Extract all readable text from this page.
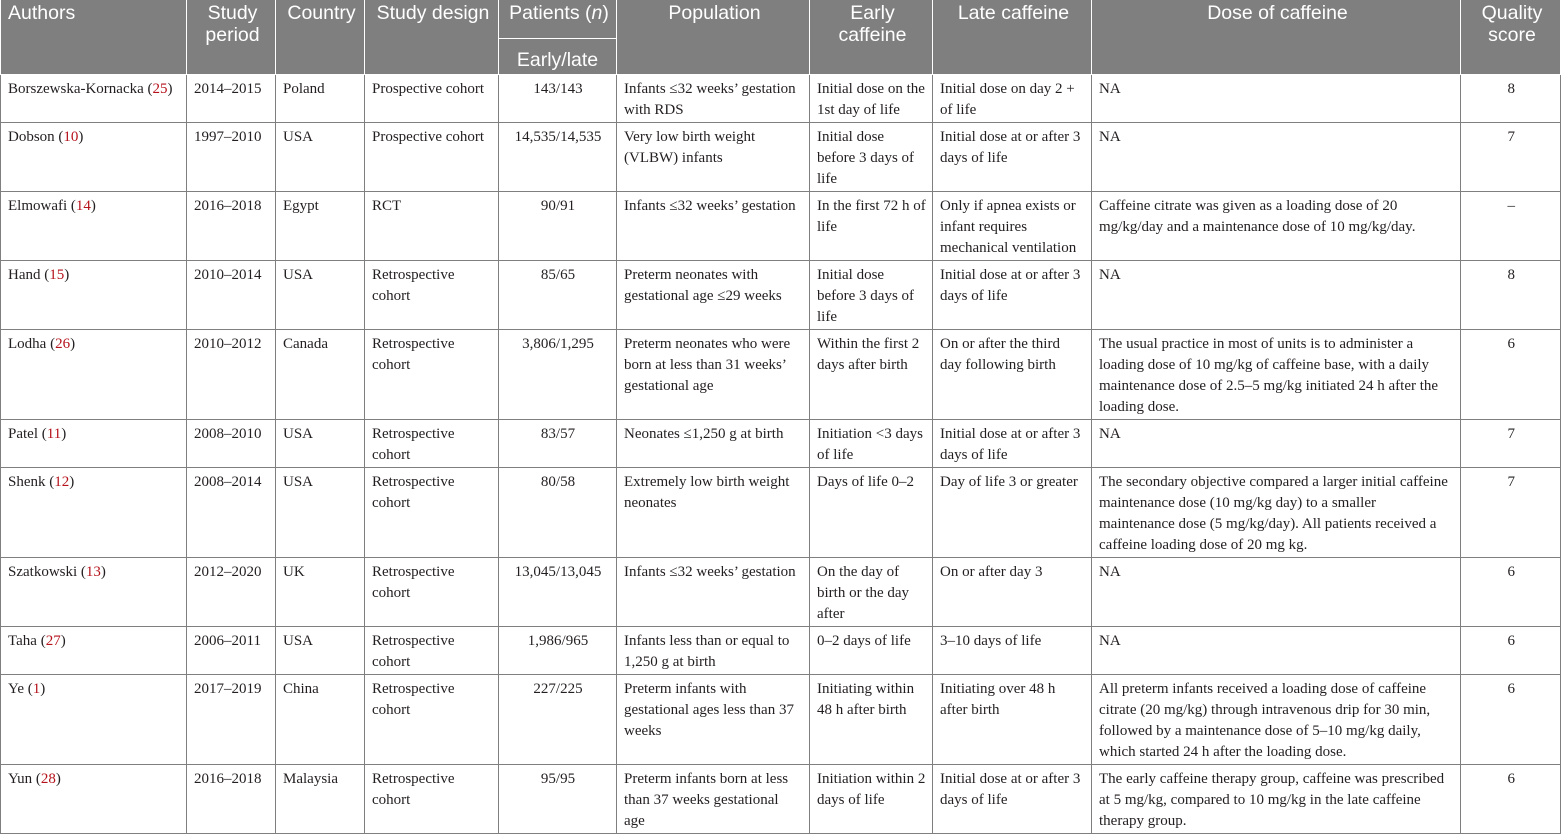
Authors	Study period	Country	Study design	Patients (n)	Population	Early caffeine	Late caffeine	Dose of caffeine	Quality score
				Early/late					
Borszewska-Kornacka (25)	2014–2015	Poland	Prospective cohort	143/143	Infants ≤32 weeks’ gestation with RDS	Initial dose on the 1st day of life	Initial dose on day 2 + of life	NA	8
Dobson (10)	1997–2010	USA	Prospective cohort	14,535/14,535	Very low birth weight (VLBW) infants	Initial dose before 3 days of life	Initial dose at or after 3 days of life	NA	7
Elmowafi (14)	2016–2018	Egypt	RCT	90/91	Infants ≤32 weeks’ gestation	In the first 72 h of life	Only if apnea exists or infant requires mechanical ventilation	Caffeine citrate was given as a loading dose of 20 mg/kg/day and a maintenance dose of 10 mg/kg/day.	–
Hand (15)	2010–2014	USA	Retrospective cohort	85/65	Preterm neonates with gestational age ≤29 weeks	Initial dose before 3 days of life	Initial dose at or after 3 days of life	NA	8
Lodha (26)	2010–2012	Canada	Retrospective cohort	3,806/1,295	Preterm neonates who were born at less than 31 weeks’ gestational age	Within the first 2 days after birth	On or after the third day following birth	The usual practice in most of units is to administer a loading dose of 10 mg/kg of caffeine base, with a daily maintenance dose of 2.5–5 mg/kg initiated 24 h after the loading dose.	6
Patel (11)	2008–2010	USA	Retrospective cohort	83/57	Neonates ≤1,250 g at birth	Initiation <3 days of life	Initial dose at or after 3 days of life	NA	7
Shenk (12)	2008–2014	USA	Retrospective cohort	80/58	Extremely low birth weight neonates	Days of life 0–2	Day of life 3 or greater	The secondary objective compared a larger initial caffeine maintenance dose (10 mg/kg day) to a smaller maintenance dose (5 mg/kg/day). All patients received a caffeine loading dose of 20 mg kg.	7
Szatkowski (13)	2012–2020	UK	Retrospective cohort	13,045/13,045	Infants ≤32 weeks’ gestation	On the day of birth or the day after	On or after day 3	NA	6
Taha (27)	2006–2011	USA	Retrospective cohort	1,986/965	Infants less than or equal to 1,250 g at birth	0–2 days of life	3–10 days of life	NA	6
Ye (1)	2017–2019	China	Retrospective cohort	227/225	Preterm infants with gestational ages less than 37 weeks	Initiating within 48 h after birth	Initiating over 48 h after birth	All preterm infants received a loading dose of caffeine citrate (20 mg/kg) through intravenous drip for 30 min, followed by a maintenance dose of 5–10 mg/kg daily, which started 24 h after the loading dose.	6
Yun (28)	2016–2018	Malaysia	Retrospective cohort	95/95	Preterm infants born at less than 37 weeks gestational age	Initiation within 2 days of life	Initial dose at or after 3 days of life	The early caffeine therapy group, caffeine was prescribed at 5 mg/kg, compared to 10 mg/kg in the late caffeine therapy group.	6
